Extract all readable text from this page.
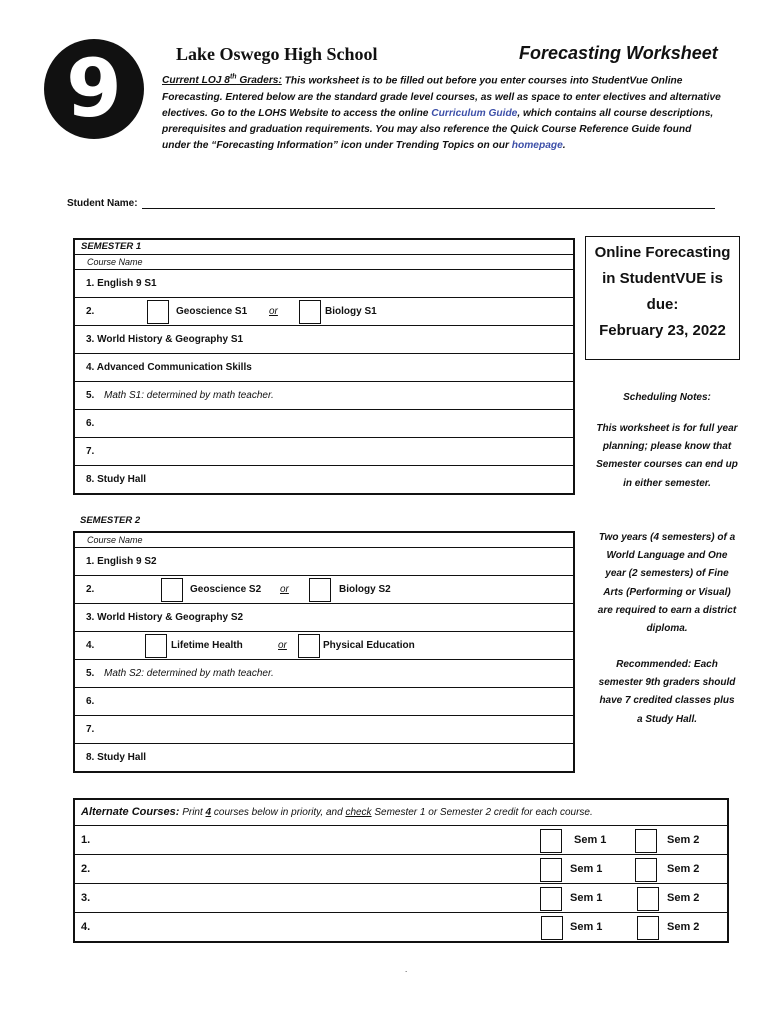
9	Lake Oswego High School	Forecasting Worksheet
Current LOJ 8th Graders: This worksheet is to be filled out before you enter courses into StudentVue Online Forecasting. Entered below are the standard grade level courses, as well as space to enter electives and alternative electives. Go to the LOHS Website to access the online Curriculum Guide, which contains all course descriptions, prerequisites and graduation requirements. You may also reference the Quick Course Reference Guide found under the “Forecasting Information” icon under Trending Topics on our homepage.
Student Name:
SEMESTER 1
Course Name
1. English 9 S1
2.	Geoscience S1 or	Biology S1
3. World History & Geography S1
4. Advanced Communication Skills
5. Math S1: determined by math teacher.
6.
7.
8. Study Hall
SEMESTER 2
Course Name
1. English 9 S2
2.	Geoscience S2 or	Biology S2
3. World History & Geography S2
4.	Lifetime Health	or	Physical Education
5. Math S2: determined by math teacher.
6.
7.
8. Study Hall
Online Forecasting
in StudentVUE is
due:
February 23, 2022
Scheduling Notes:
This worksheet is for full year planning; please know that Semester courses can end up in either semester.
Two years (4 semesters) of a World Language and One year (2 semesters) of Fine Arts (Performing or Visual) are required to earn a district diploma.
Recommended: Each semester 9th graders should have 7 credited classes plus a Study Hall.
Alternate Courses: Print 4 courses below in priority, and check Semester 1 or Semester 2 credit for each course.
1.	Sem 1	Sem 2
2.	Sem 1	Sem 2
3.	Sem 1	Sem 2
4.	Sem 1	Sem 2
.
